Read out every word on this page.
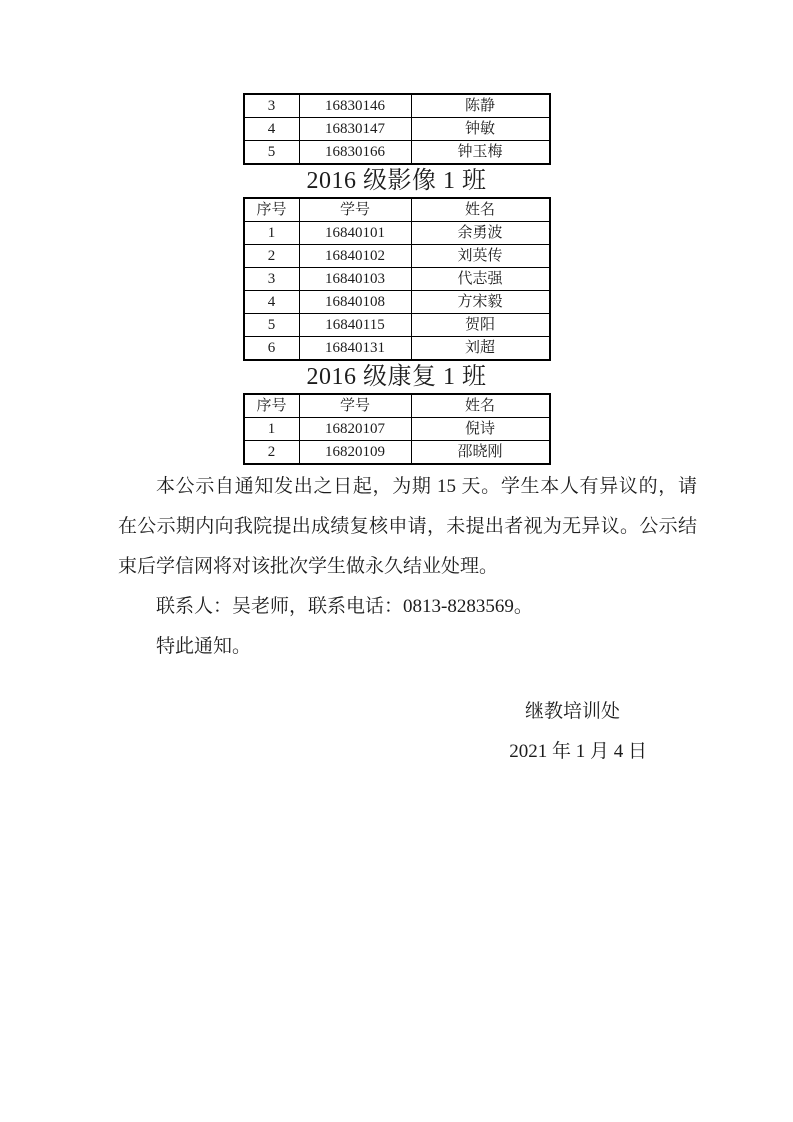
3	16830146	陈静
4	16830147	钟敏
5	16830166	钟玉梅
2016 级影像 1 班
序号	学号	姓名
1	16840101	余勇波
2	16840102	刘英传
3	16840103	代志强
4	16840108	方宋毅
5	16840115	贺阳
6	16840131	刘超
2016 级康复 1 班
序号	学号	姓名
1	16820107	倪诗
2	16820109	邵晓刚

本公示自通知发出之日起，为期 15 天。学生本人有异议的，请在公示期内向我院提出成绩复核申请，未提出者视为无异议。公示结束后学信网将对该批次学生做永久结业处理。

联系人：吴老师，联系电话：0813-8283569。

特此通知。

继教培训处
2021 年 1 月 4 日
